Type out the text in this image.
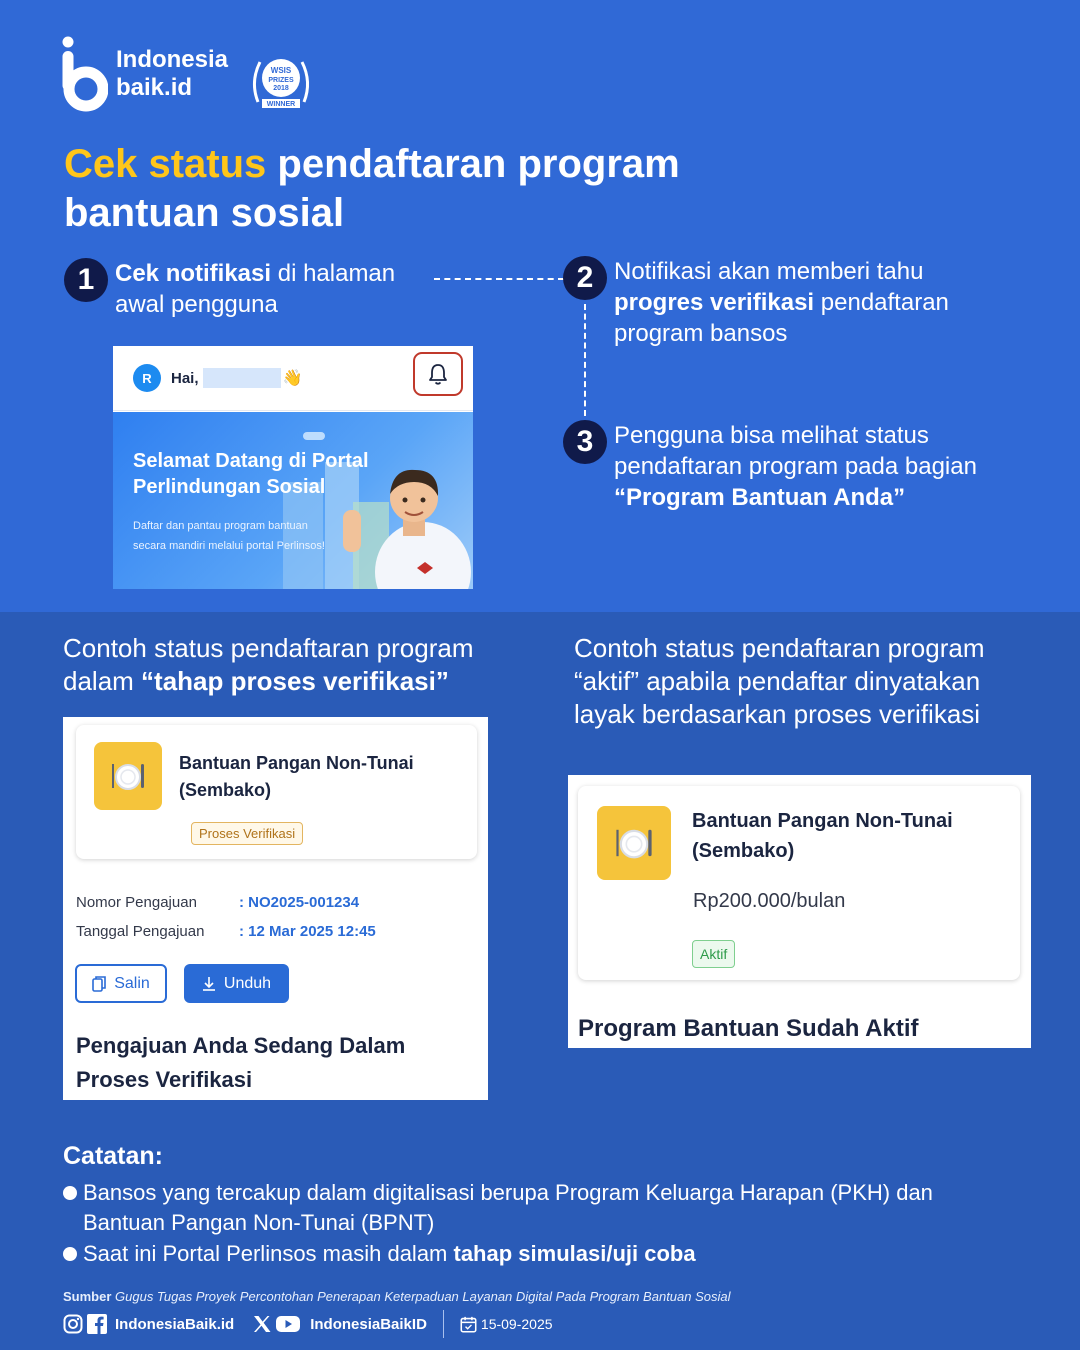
Indonesia
baik.id
WSIS
PRIZES
2018
WINNER
Cek status pendaftaran program bantuan sosial
1 Cek notifikasi di halaman awal pengguna
2 Notifikasi akan memberi tahu progres verifikasi pendaftaran program bansos
3 Pengguna bisa melihat status pendaftaran program pada bagian “Program Bantuan Anda”
R	Hai,	👋
Selamat Datang di Portal Perlindungan Sosial
Daftar dan pantau program bantuan secara mandiri melalui portal Perlinsos!
Contoh status pendaftaran program dalam “tahap proses verifikasi”
Contoh status pendaftaran program “aktif” apabila pendaftar dinyatakan layak berdasarkan proses verifikasi
Bantuan Pangan Non-Tunai (Sembako)
Proses Verifikasi
Nomor Pengajuan	: NO2025-001234
Tanggal Pengajuan : 12 Mar 2025 12:45
Salin	Unduh
Pengajuan Anda Sedang Dalam Proses Verifikasi
Bantuan Pangan Non-Tunai (Sembako)
Rp200.000/bulan
Aktif
Program Bantuan Sudah Aktif
Catatan:
Bansos yang tercakup dalam digitalisasi berupa Program Keluarga Harapan (PKH) dan Bantuan Pangan Non-Tunai (BPNT)
Saat ini Portal Perlinsos masih dalam tahap simulasi/uji coba
Sumber Gugus Tugas Proyek Percontohan Penerapan Keterpaduan Layanan Digital Pada Program Bantuan Sosial
IndonesiaBaik.id	IndonesiaBaikID	15-09-2025
